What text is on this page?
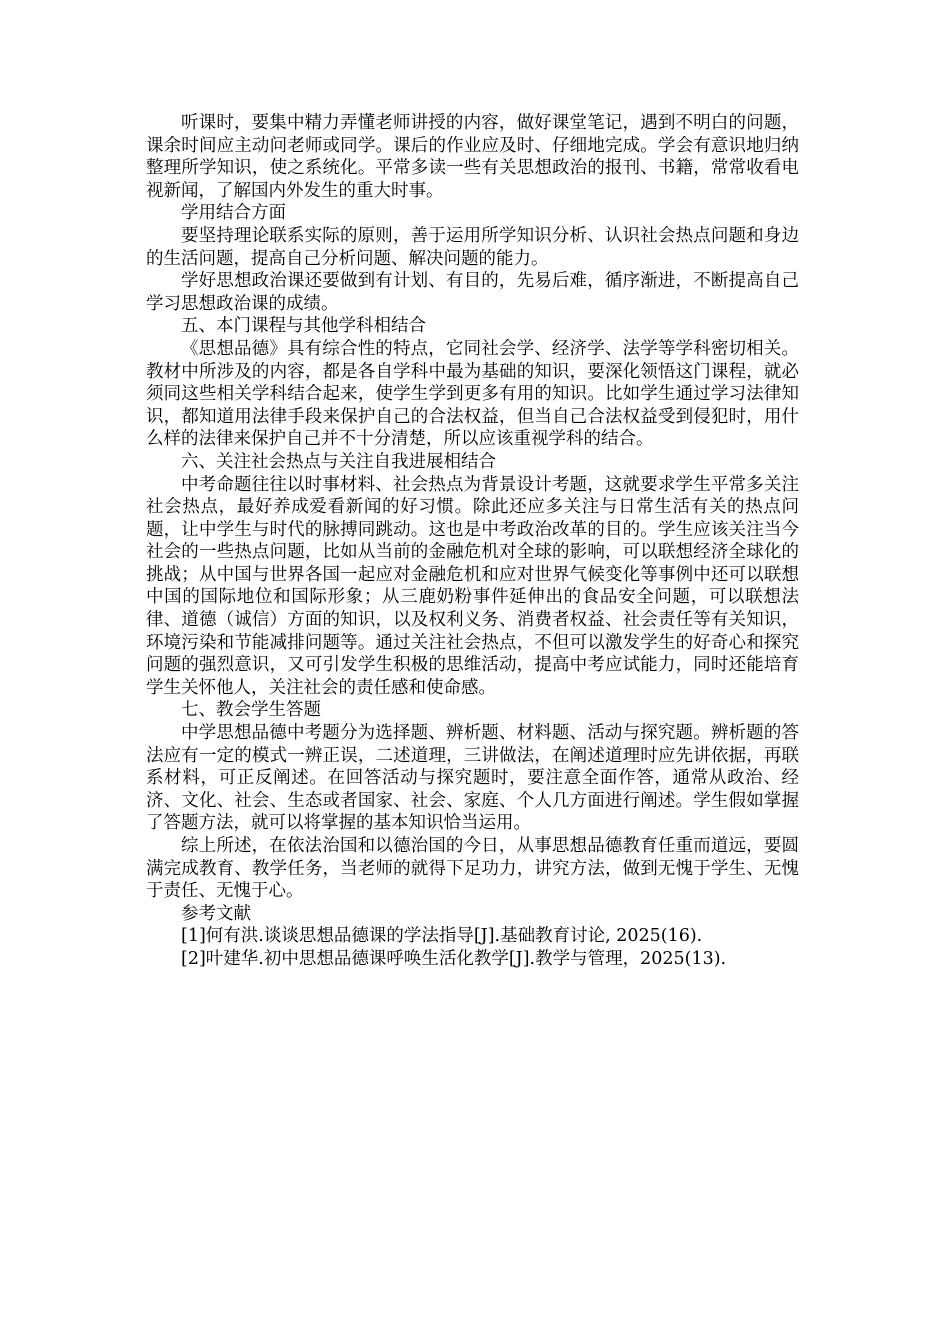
听课时，要集中精力弄懂老师讲授的内容，做好课堂笔记，遇到不明白的问题，课余时间应主动问老师或同学。课后的作业应及时、仔细地完成。学会有意识地归纳整理所学知识，使之系统化。平常多读一些有关思想政治的报刊、书籍，常常收看电视新闻，了解国内外发生的重大时事。

学用结合方面

要坚持理论联系实际的原则，善于运用所学知识分析、认识社会热点问题和身边的生活问题，提高自己分析问题、解决问题的能力。

学好思想政治课还要做到有计划、有目的，先易后难，循序渐进，不断提高自己学习思想政治课的成绩。

五、本门课程与其他学科相结合

《思想品德》具有综合性的特点，它同社会学、经济学、法学等学科密切相关。教材中所涉及的内容，都是各自学科中最为基础的知识，要深化领悟这门课程，就必须同这些相关学科结合起来，使学生学到更多有用的知识。比如学生通过学习法律知识，都知道用法律手段来保护自己的合法权益，但当自己合法权益受到侵犯时，用什么样的法律来保护自己并不十分清楚，所以应该重视学科的结合。

六、关注社会热点与关注自我进展相结合

中考命题往往以时事材料、社会热点为背景设计考题，这就要求学生平常多关注社会热点，最好养成爱看新闻的好习惯。除此还应多关注与日常生活有关的热点问题，让中学生与时代的脉搏同跳动。这也是中考政治改革的目的。学生应该关注当今社会的一些热点问题，比如从当前的金融危机对全球的影响，可以联想经济全球化的挑战；从中国与世界各国一起应对金融危机和应对世界气候变化等事例中还可以联想中国的国际地位和国际形象；从三鹿奶粉事件延伸出的食品安全问题，可以联想法律、道德（诚信）方面的知识，以及权利义务、消费者权益、社会责任等有关知识，环境污染和节能减排问题等。通过关注社会热点，不但可以激发学生的好奇心和探究问题的强烈意识，又可引发学生积极的思维活动，提高中考应试能力，同时还能培育学生关怀他人，关注社会的责任感和使命感。

七、教会学生答题

中学思想品德中考题分为选择题、辨析题、材料题、活动与探究题。辨析题的答法应有一定的模式一辨正误，二述道理，三讲做法，在阐述道理时应先讲依据，再联系材料，可正反阐述。在回答活动与探究题时，要注意全面作答，通常从政治、经济、文化、社会、生态或者国家、社会、家庭、个人几方面进行阐述。学生假如掌握了答题方法，就可以将掌握的基本知识恰当运用。

综上所述，在依法治国和以德治国的今日，从事思想品德教育任重而道远，要圆满完成教育、教学任务，当老师的就得下足功力，讲究方法，做到无愧于学生、无愧于责任、无愧于心。

参考文献

[1]何有洪.谈谈思想品德课的学法指导[J].基础教育讨论, 2025(16).

[2]叶建华.初中思想品德课呼唤生活化教学[J].教学与管理，2025(13).
